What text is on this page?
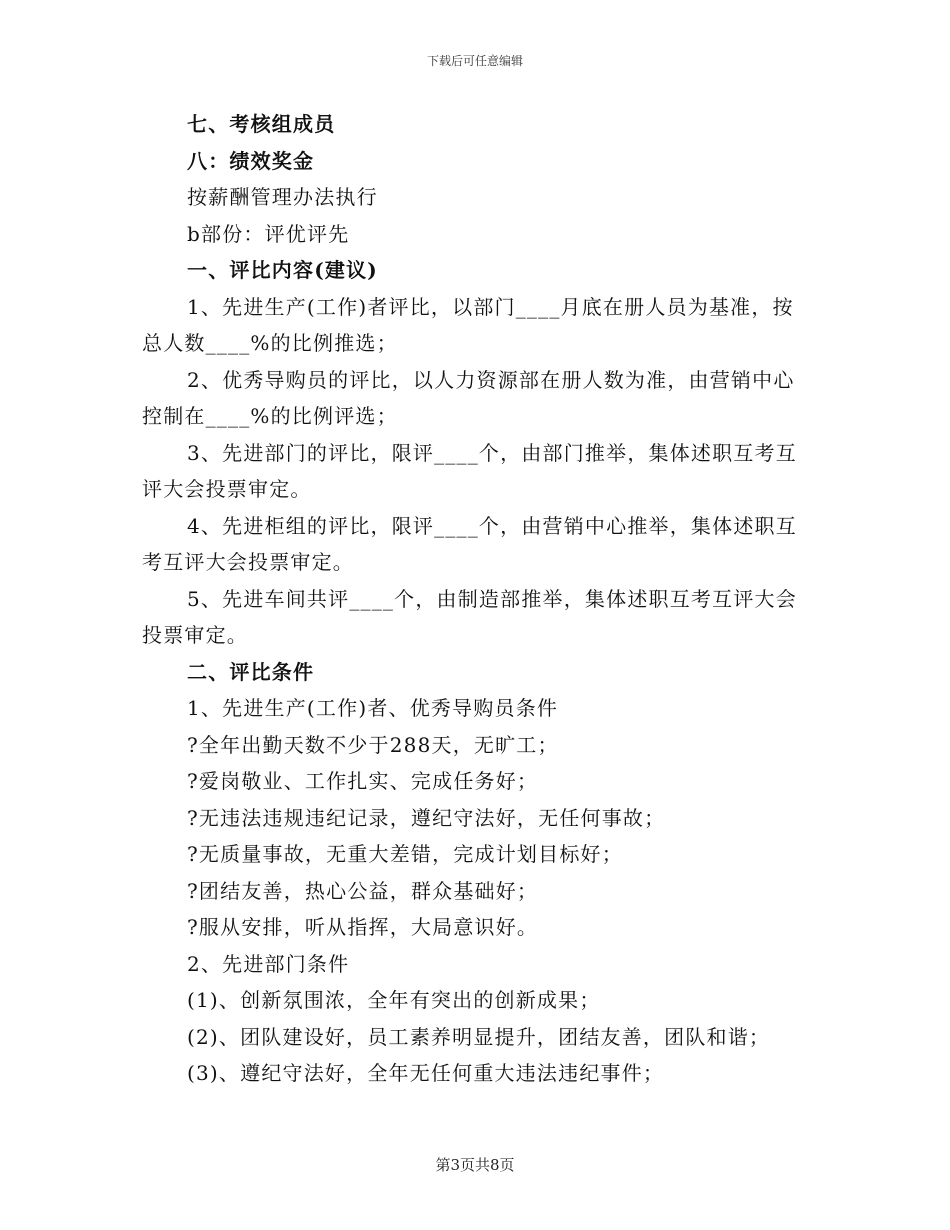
下载后可任意编辑
七、考核组成员
八：绩效奖金
按薪酬管理办法执行
b部份：评优评先
一、评比内容(建议)
1、先进生产(工作)者评比，以部门____月底在册人员为基准，按
总人数____%的比例推选；
2、优秀导购员的评比，以人力资源部在册人数为准，由营销中心
控制在____%的比例评选；
3、先进部门的评比，限评____个，由部门推举，集体述职互考互
评大会投票审定。
4、先进柜组的评比，限评____个，由营销中心推举，集体述职互
考互评大会投票审定。
5、先进车间共评____个，由制造部推举，集体述职互考互评大会
投票审定。
二、评比条件
1、先进生产(工作)者、优秀导购员条件
?全年出勤天数不少于288天，无旷工；
?爱岗敬业、工作扎实、完成任务好；
?无违法违规违纪记录，遵纪守法好，无任何事故；
?无质量事故，无重大差错，完成计划目标好；
?团结友善，热心公益，群众基础好；
?服从安排，听从指挥，大局意识好。
2、先进部门条件
(1)、创新氛围浓，全年有突出的创新成果；
(2)、团队建设好，员工素养明显提升，团结友善，团队和谐；
(3)、遵纪守法好，全年无任何重大违法违纪事件；
第3页共8页
